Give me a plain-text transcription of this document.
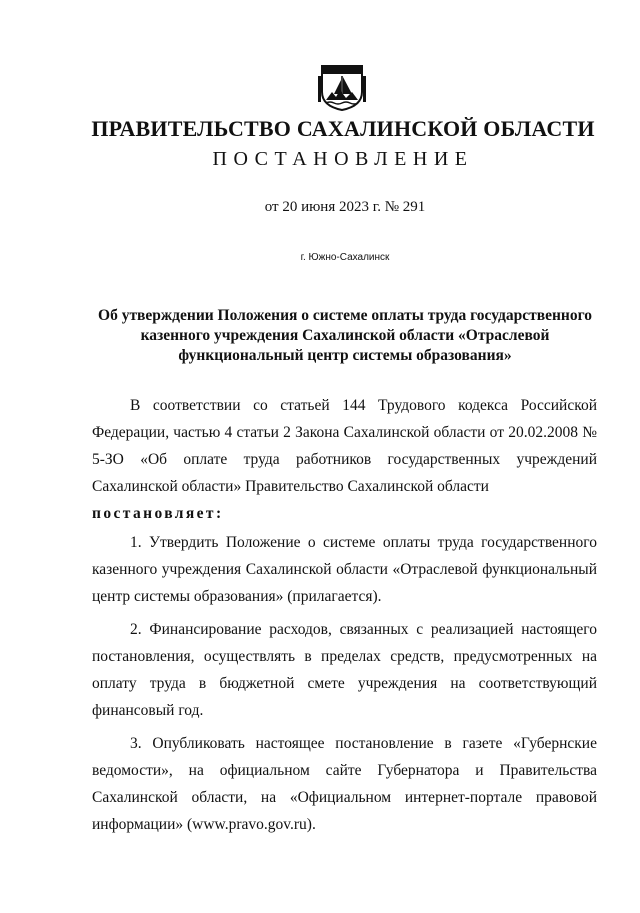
ПРАВИТЕЛЬСТВО САХАЛИНСКОЙ ОБЛАСТИ
ПОСТАНОВЛЕНИЕ
от 20 июня 2023 г. № 291
г. Южно-Сахалинск
Об утверждении Положения о системе оплаты труда государственного казенного учреждения Сахалинской области «Отраслевой функциональный центр системы образования»

В соответствии со статьей 144 Трудового кодекса Российской Федерации, частью 4 статьи 2 Закона Сахалинской области от 20.02.2008 № 5-ЗО «Об оплате труда работников государственных учреждений Сахалинской области» Правительство Сахалинской области

постановляет:

1. Утвердить Положение о системе оплаты труда государственного казенного учреждения Сахалинской области «Отраслевой функциональный центр системы образования» (прилагается).

2. Финансирование расходов, связанных с реализацией настоящего постановления, осуществлять в пределах средств, предусмотренных на оплату труда в бюджетной смете учреждения на соответствующий финансовый год.

3. Опубликовать настоящее постановление в газете «Губернские ведомости», на официальном сайте Губернатора и Правительства Сахалинской области, на «Официальном интернет-портале правовой информации» (www.pravo.gov.ru).
